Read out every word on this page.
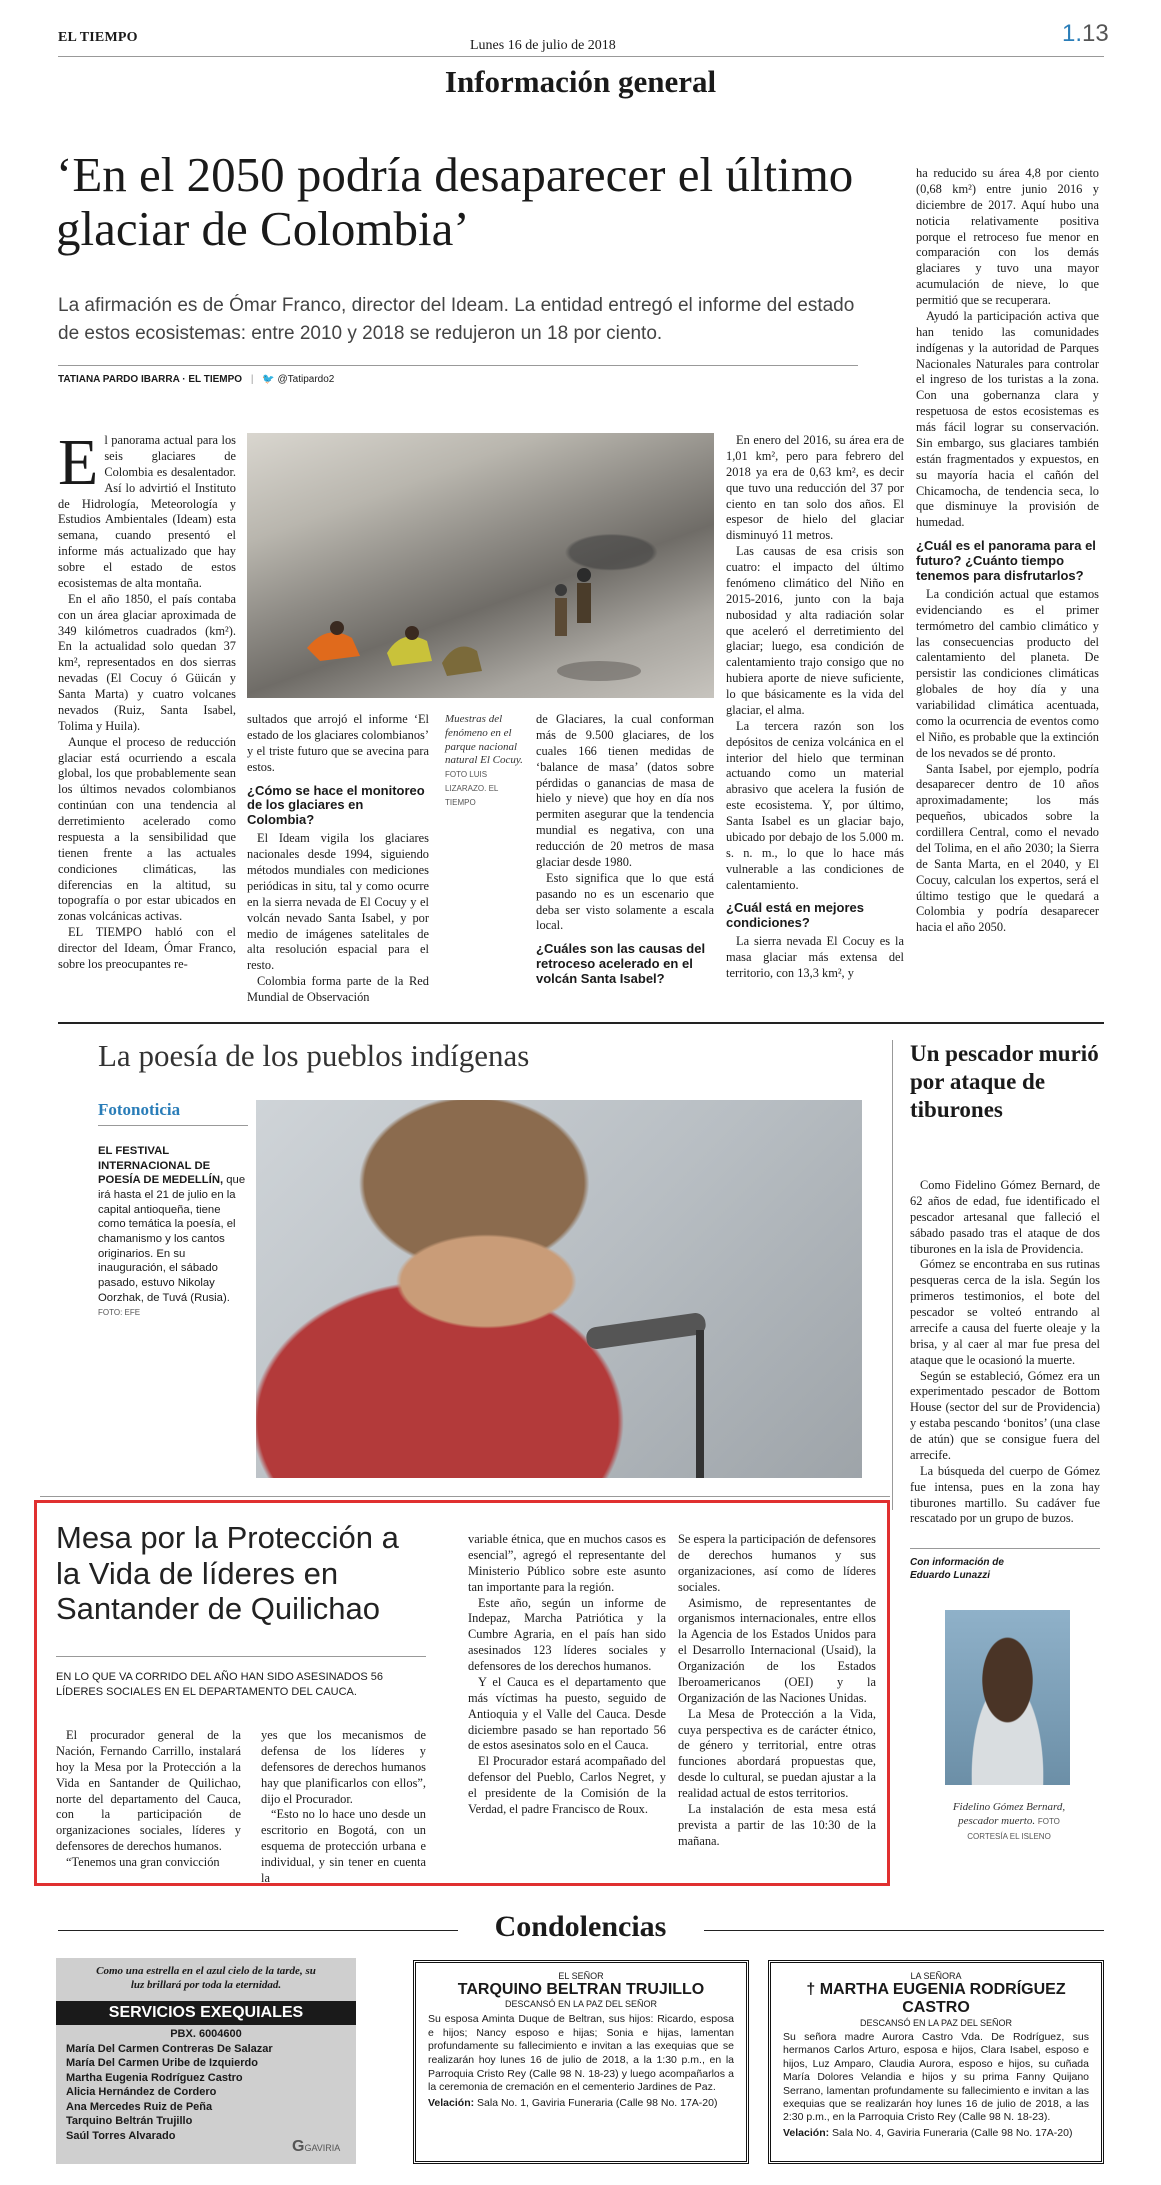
EL TIEMPO
Lunes 16 de julio de 2018	1.13
Información general
‘En el 2050 podría desaparecer el último glaciar de Colombia’
La afirmación es de Ómar Franco, director del Ideam. La entidad entregó el informe del estado de estos ecosistemas: entre 2010 y 2018 se redujeron un 18 por ciento.
TATIANA PARDO IBARRA · EL TIEMPO | 🐦 @Tatipardo2

El panorama actual para los seis glaciares de Colombia es desalentador. Así lo advirtió el Instituto de Hidrología, Meteorología y Estudios Ambientales (Ideam) esta semana, cuando presentó el informe más actualizado que hay sobre el estado de estos ecosistemas de alta montaña.

En el año 1850, el país contaba con un área glaciar aproximada de 349 kilómetros cuadrados (km²). En la actualidad solo quedan 37 km², representados en dos sierras nevadas (El Cocuy ó Güicán y Santa Marta) y cuatro volcanes nevados (Ruiz, Santa Isabel, Tolima y Huila).

Aunque el proceso de reducción glaciar está ocurriendo a escala global, los que probablemente sean los últimos nevados colombianos continúan con una tendencia al derretimiento acelerado como respuesta a la sensibilidad que tienen frente a las actuales condiciones climáticas, las diferencias en la altitud, su topografía o por estar ubicados en zonas volcánicas activas.

EL TIEMPO habló con el director del Ideam, Ómar Franco, sobre los preocupantes re-

sultados que arrojó el informe ‘El estado de los glaciares colombianos’ y el triste futuro que se avecina para estos.

¿Cómo se hace el monitoreo de los glaciares en Colombia?

El Ideam vigila los glaciares nacionales desde 1994, siguiendo métodos mundiales con mediciones periódicas in situ, tal y como ocurre en la sierra nevada de El Cocuy y el volcán nevado Santa Isabel, y por medio de imágenes satelitales de alta resolución espacial para el resto.

Colombia forma parte de la Red Mundial de Observación

Muestras del fenómeno en el parque nacional natural El Cocuy. FOTO LUIS LIZARAZO. EL TIEMPO

de Glaciares, la cual conforman más de 9.500 glaciares, de los cuales 166 tienen medidas de ‘balance de masa’ (datos sobre pérdidas o ganancias de masa de hielo y nieve) que hoy en día nos permiten asegurar que la tendencia mundial es negativa, con una reducción de 20 metros de masa glaciar desde 1980.

Esto significa que lo que está pasando no es un escenario que deba ser visto solamente a escala local.

¿Cuáles son las causas del retroceso acelerado en el volcán Santa Isabel?

En enero del 2016, su área era de 1,01 km², pero para febrero del 2018 ya era de 0,63 km², es decir que tuvo una reducción del 37 por ciento en tan solo dos años. El espesor de hielo del glaciar disminuyó 11 metros.

Las causas de esa crisis son cuatro: el impacto del último fenómeno climático del Niño en 2015-2016, junto con la baja nubosidad y alta radiación solar que aceleró el derretimiento del glaciar; luego, esa condición de calentamiento trajo consigo que no hubiera aporte de nieve suficiente, lo que básicamente es la vida del glaciar, el alma.

La tercera razón son los depósitos de ceniza volcánica en el interior del hielo que terminan actuando como un material abrasivo que acelera la fusión de este ecosistema. Y, por último, Santa Isabel es un glaciar bajo, ubicado por debajo de los 5.000 m. s. n. m., lo que lo hace más vulnerable a las condiciones de calentamiento.

¿Cuál está en mejores condiciones?

La sierra nevada El Cocuy es la masa glaciar más extensa del territorio, con 13,3 km², y

ha reducido su área 4,8 por ciento (0,68 km²) entre junio 2016 y diciembre de 2017. Aquí hubo una noticia relativamente positiva porque el retroceso fue menor en comparación con los demás glaciares y tuvo una mayor acumulación de nieve, lo que permitió que se recuperara.

Ayudó la participación activa que han tenido las comunidades indígenas y la autoridad de Parques Nacionales Naturales para controlar el ingreso de los turistas a la zona. Con una gobernanza clara y respetuosa de estos ecosistemas es más fácil lograr su conservación. Sin embargo, sus glaciares también están fragmentados y expuestos, en su mayoría hacia el cañón del Chicamocha, de tendencia seca, lo que disminuye la provisión de humedad.

¿Cuál es el panorama para el futuro? ¿Cuánto tiempo tenemos para disfrutarlos?

La condición actual que estamos evidenciando es el primer termómetro del cambio climático y las consecuencias producto del calentamiento del planeta. De persistir las condiciones climáticas globales de hoy día y una variabilidad climática acentuada, como la ocurrencia de eventos como el Niño, es probable que la extinción de los nevados se dé pronto.

Santa Isabel, por ejemplo, podría desaparecer dentro de 10 años aproximadamente; los más pequeños, ubicados sobre la cordillera Central, como el nevado del Tolima, en el año 2030; la Sierra de Santa Marta, en el 2040, y El Cocuy, calculan los expertos, será el último testigo que le quedará a Colombia y podría desaparecer hacia el año 2050.

La poesía de los pueblos indígenas
Fotonoticia
EL FESTIVAL INTERNACIONAL DE POESÍA DE MEDELLÍN, que irá hasta el 21 de julio en la capital antioqueña, tiene como temática la poesía, el chamanismo y los cantos originarios. En su inauguración, el sábado pasado, estuvo Nikolay Oorzhak, de Tuvá (Rusia). FOTO: EFE
Un pescador murió por ataque de tiburones

Como Fidelino Gómez Bernard, de 62 años de edad, fue identificado el pescador artesanal que falleció el sábado pasado tras el ataque de dos tiburones en la isla de Providencia.

Gómez se encontraba en sus rutinas pesqueras cerca de la isla. Según los primeros testimonios, el bote del pescador se volteó entrando al arrecife a causa del fuerte oleaje y la brisa, y al caer al mar fue presa del ataque que le ocasionó la muerte.

Según se estableció, Gómez era un experimentado pescador de Bottom House (sector del sur de Providencia) y estaba pescando ‘bonitos’ (una clase de atún) que se consigue fuera del arrecife.

La búsqueda del cuerpo de Gómez fue intensa, pues en la zona hay tiburones martillo. Su cadáver fue rescatado por un grupo de buzos.

Con información de
Eduardo Lunazzi
Fidelino Gómez Bernard, pescador muerto. FOTO CORTESÍA EL ISLENO
Mesa por la Protección a la Vida de líderes en Santander de Quilichao
EN LO QUE VA CORRIDO DEL AÑO HAN SIDO ASESINADOS 56 LÍDERES SOCIALES EN EL DEPARTAMENTO DEL CAUCA.

El procurador general de la Nación, Fernando Carrillo, instalará hoy la Mesa por la Protección a la Vida en Santander de Quilichao, norte del departamento del Cauca, con la participación de organizaciones sociales, líderes y defensores de derechos humanos.

“Tenemos una gran convicción

yes que los mecanismos de defensa de los líderes y defensores de derechos humanos hay que planificarlos con ellos”, dijo el Procurador.

“Esto no lo hace uno desde un escritorio en Bogotá, con un esquema de protección urbana e individual, y sin tener en cuenta la

variable étnica, que en muchos casos es esencial”, agregó el representante del Ministerio Público sobre este asunto tan importante para la región.

Este año, según un informe de Indepaz, Marcha Patriótica y la Cumbre Agraria, en el país han sido asesinados 123 líderes sociales y defensores de los derechos humanos.

Y el Cauca es el departamento que más víctimas ha puesto, seguido de Antioquia y el Valle del Cauca. Desde diciembre pasado se han reportado 56 de estos asesinatos solo en el Cauca.

El Procurador estará acompañado del defensor del Pueblo, Carlos Negret, y el presidente de la Comisión de la Verdad, el padre Francisco de Roux.

Se espera la participación de defensores de derechos humanos y sus organizaciones, así como de líderes sociales.

Asimismo, de representantes de organismos internacionales, entre ellos la Agencia de los Estados Unidos para el Desarrollo Internacional (Usaid), la Organización de los Estados Iberoamericanos (OEI) y la Organización de las Naciones Unidas.

La Mesa de Protección a la Vida, cuya perspectiva es de carácter étnico, de género y territorial, entre otras funciones abordará propuestas que, desde lo cultural, se puedan ajustar a la realidad actual de estos territorios.

La instalación de esta mesa está prevista a partir de las 10:30 de la mañana.

Condolencias
Como una estrella en el azul cielo de la tarde, su luz brillará por toda la eternidad.
SERVICIOS EXEQUIALES
PBX. 6004600
María Del Carmen Contreras De Salazar
María Del Carmen Uribe de Izquierdo
Martha Eugenia Rodríguez Castro
Alicia Hernández de Cordero
Ana Mercedes Ruiz de Peña
Tarquino Beltrán Trujillo
Saúl Torres Alvarado
GGAVIRIA
EL SEÑOR
TARQUINO BELTRAN TRUJILLO
DESCANSÓ EN LA PAZ DEL SEÑOR
Su esposa Aminta Duque de Beltran, sus hijos: Ricardo, esposa e hijos; Nancy esposo e hijas; Sonia e hijas, lamentan profundamente su fallecimiento e invitan a las exequias que se realizarán hoy lunes 16 de julio de 2018, a la 1:30 p.m., en la Parroquia Cristo Rey (Calle 98 N. 18-23) y luego acompañarlos a la ceremonia de cremación en el cementerio Jardines de Paz.
Velación: Sala No. 1, Gaviria Funeraria (Calle 98 No. 17A-20)
LA SEÑORA
† MARTHA EUGENIA RODRÍGUEZ CASTRO
DESCANSÓ EN LA PAZ DEL SEÑOR
Su señora madre Aurora Castro Vda. De Rodríguez, sus hermanos Carlos Arturo, esposa e hijos, Clara Isabel, esposo e hijos, Luz Amparo, Claudia Aurora, esposo e hijos, su cuñada María Dolores Velandia e hijos y su prima Fanny Quijano Serrano, lamentan profundamente su fallecimiento e invitan a las exequias que se realizarán hoy lunes 16 de julio de 2018, a las 2:30 p.m., en la Parroquia Cristo Rey (Calle 98 N. 18-23).
Velación: Sala No. 4, Gaviria Funeraria (Calle 98 No. 17A-20)
